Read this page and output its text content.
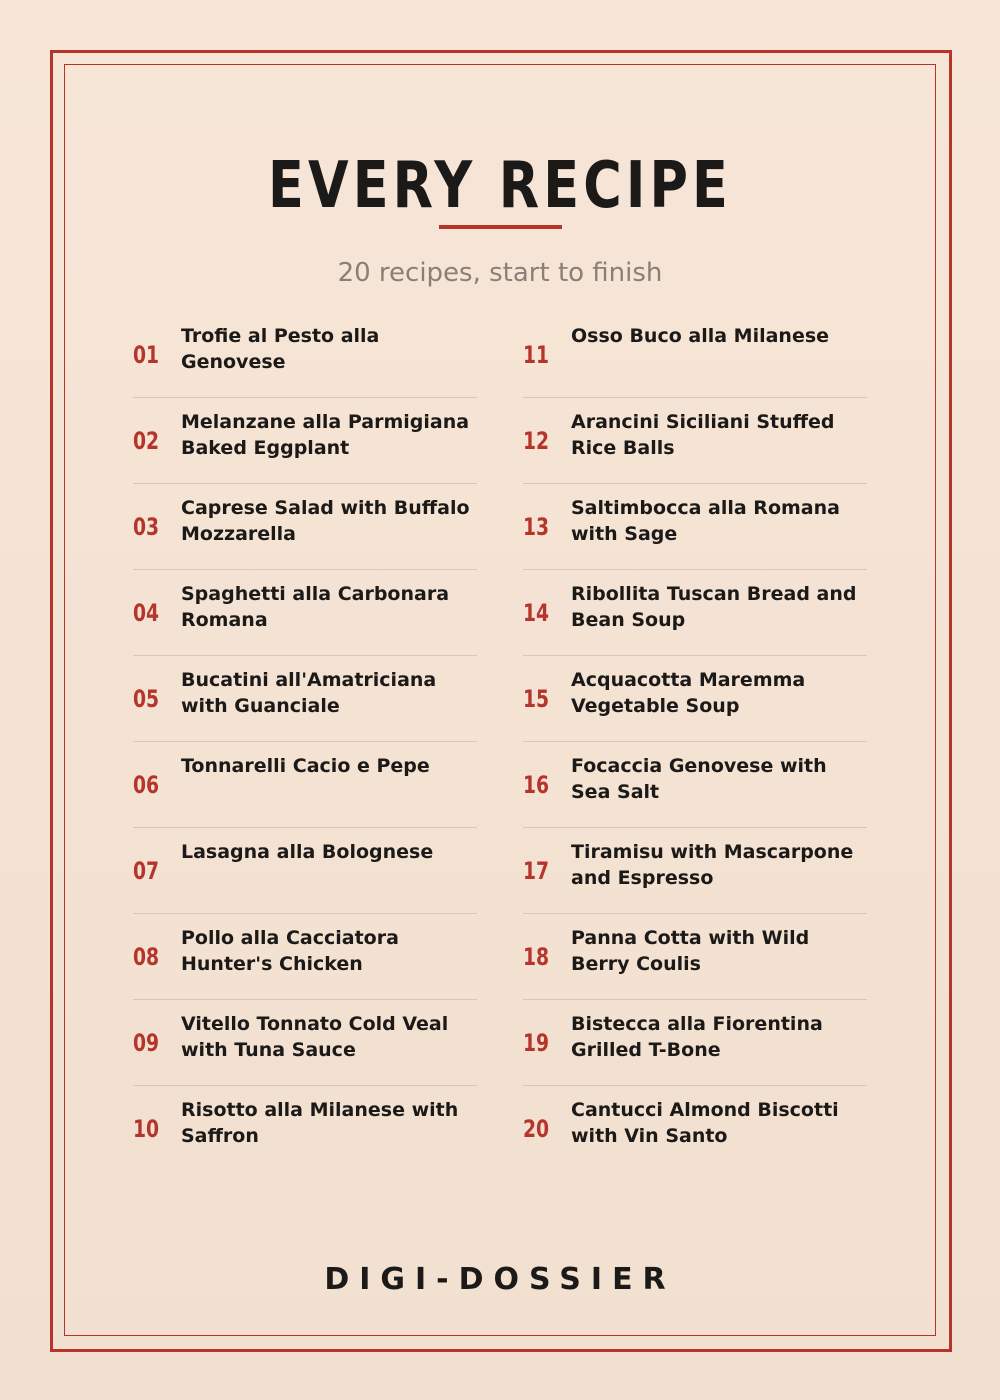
EVERY RECIPE
20 recipes, start to finish
01
Trofie al Pesto alla Genovese
02
Melanzane alla Parmigiana Baked Eggplant
03
Caprese Salad with Buffalo Mozzarella
04
Spaghetti alla Carbonara Romana
05
Bucatini all'Amatriciana with Guanciale
06
Tonnarelli Cacio e Pepe
07
Lasagna alla Bolognese
08
Pollo alla Cacciatora Hunter's Chicken
09
Vitello Tonnato Cold Veal with Tuna Sauce
10
Risotto alla Milanese with Saffron
11
Osso Buco alla Milanese
12
Arancini Siciliani Stuffed Rice Balls
13
Saltimbocca alla Romana with Sage
14
Ribollita Tuscan Bread and Bean Soup
15
Acquacotta Maremma Vegetable Soup
16
Focaccia Genovese with Sea Salt
17
Tiramisu with Mascarpone and Espresso
18
Panna Cotta with Wild Berry Coulis
19
Bistecca alla Fiorentina Grilled T-Bone
20
Cantucci Almond Biscotti with Vin Santo
DIGI-DOSSIER
